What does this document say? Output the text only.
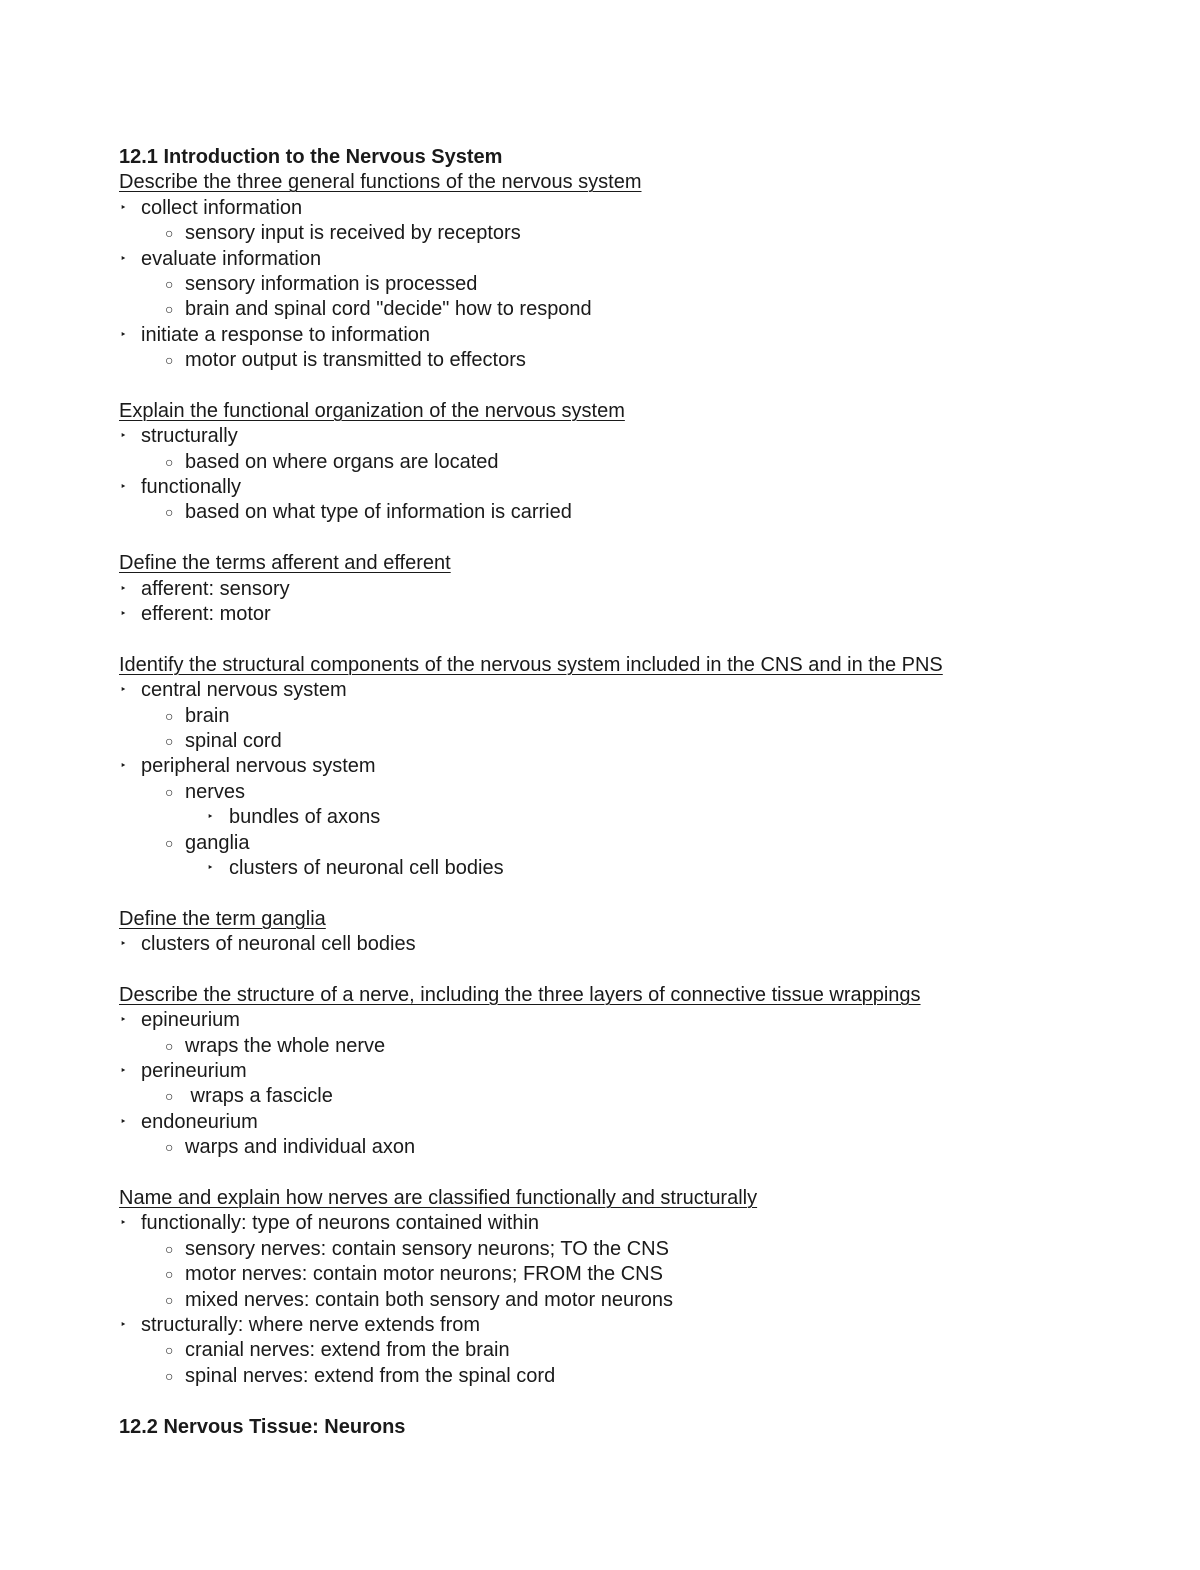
12.1 Introduction to the Nervous System
Describe the three general functions of the nervous system
‣ collect information
○ sensory input is received by receptors
‣ evaluate information
○ sensory information is processed
○ brain and spinal cord "decide" how to respond
‣ initiate a response to information
○ motor output is transmitted to effectors
Explain the functional organization of the nervous system
‣ structurally
○ based on where organs are located
‣ functionally
○ based on what type of information is carried
Define the terms afferent and efferent
‣ afferent: sensory
‣ efferent: motor
Identify the structural components of the nervous system included in the CNS and in the PNS
‣ central nervous system
○ brain
○ spinal cord
‣ peripheral nervous system
○ nerves
‣ bundles of axons
○ ganglia
‣ clusters of neuronal cell bodies
Define the term ganglia
‣ clusters of neuronal cell bodies
Describe the structure of a nerve, including the three layers of connective tissue wrappings
‣ epineurium
○ wraps the whole nerve
‣ perineurium
○ wraps a fascicle
‣ endoneurium
○ warps and individual axon
Name and explain how nerves are classified functionally and structurally
‣ functionally: type of neurons contained within
○ sensory nerves: contain sensory neurons; TO the CNS
○ motor nerves: contain motor neurons; FROM the CNS
○ mixed nerves: contain both sensory and motor neurons
‣ structurally: where nerve extends from
○ cranial nerves: extend from the brain
○ spinal nerves: extend from the spinal cord
12.2 Nervous Tissue: Neurons
